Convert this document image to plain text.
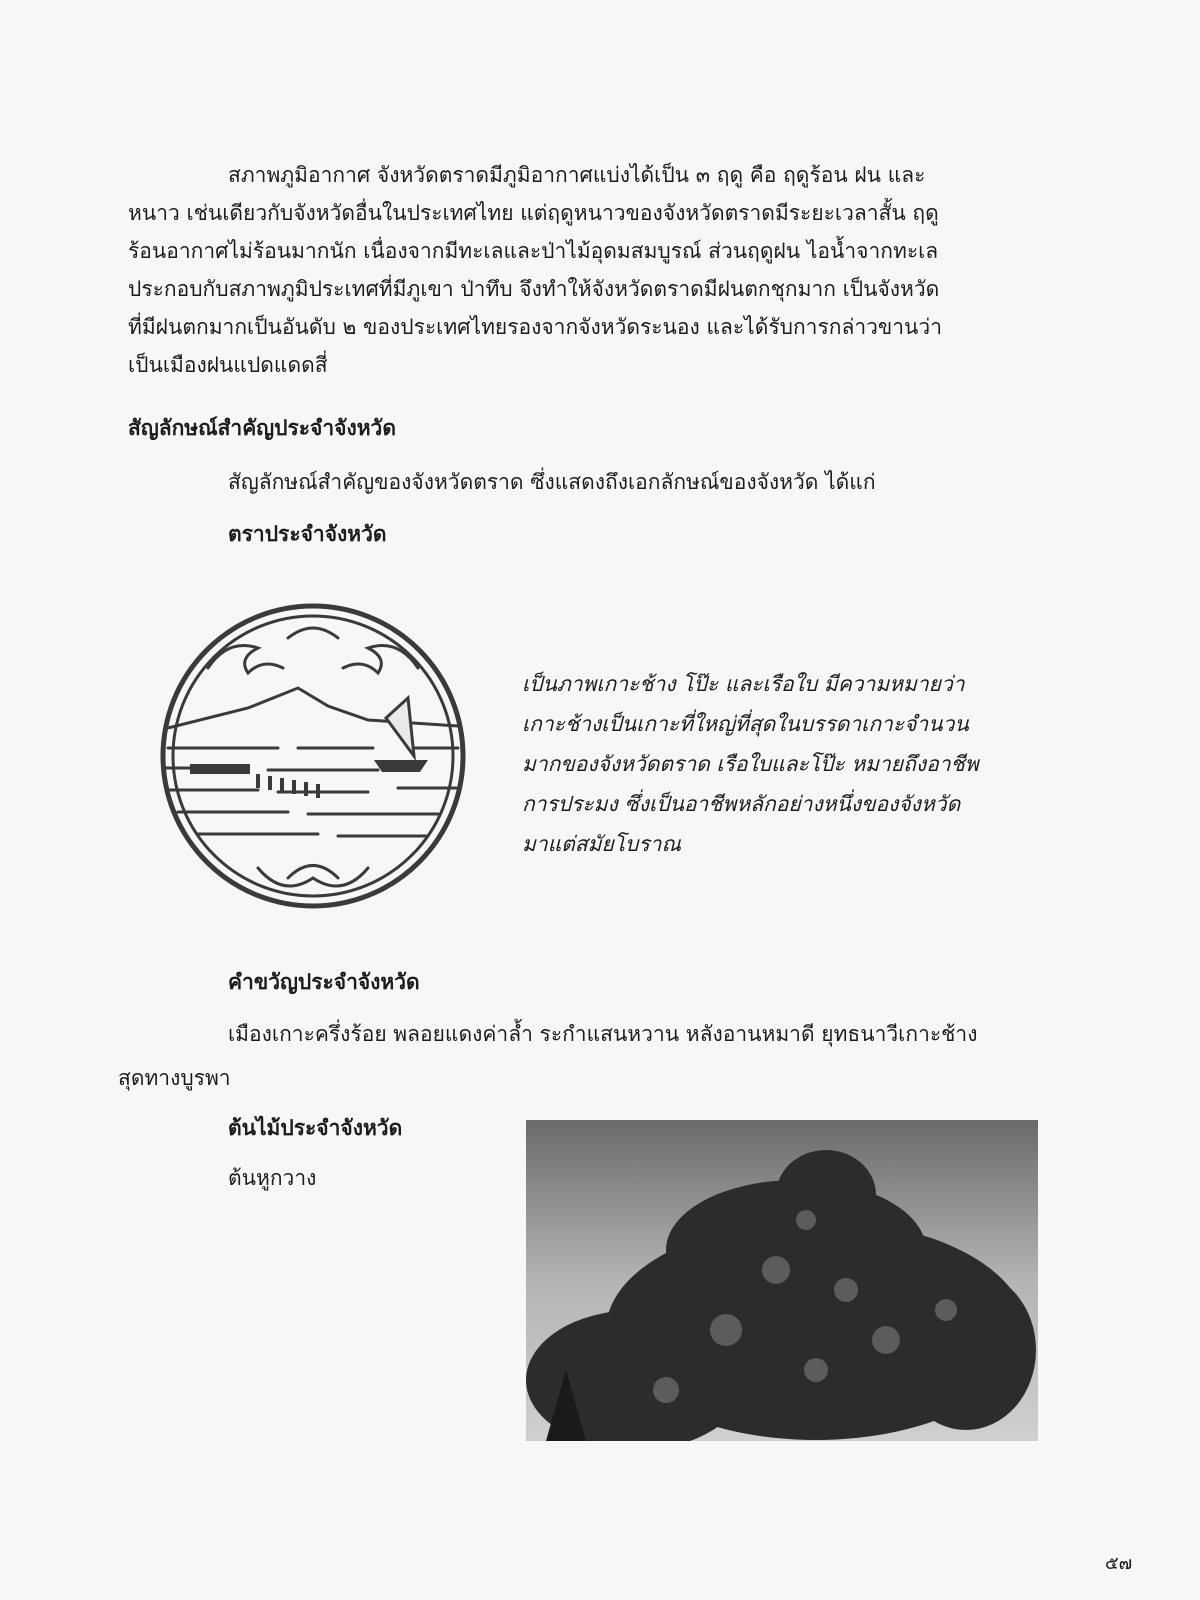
สภาพภูมิอากาศ จังหวัดตราดมีภูมิอากาศแบ่งได้เป็น ๓ ฤดู คือ ฤดูร้อน ฝน และ
หนาว เช่นเดียวกับจังหวัดอื่นในประเทศไทย แต่ฤดูหนาวของจังหวัดตราดมีระยะเวลาสั้น ฤดู
ร้อนอากาศไม่ร้อนมากนัก เนื่องจากมีทะเลและป่าไม้อุดมสมบูรณ์ ส่วนฤดูฝน ไอน้ำจากทะเล
ประกอบกับสภาพภูมิประเทศที่มีภูเขา ป่าทึบ จึงทำให้จังหวัดตราดมีฝนตกชุกมาก เป็นจังหวัด
ที่มีฝนตกมากเป็นอันดับ ๒ ของประเทศไทยรองจากจังหวัดระนอง และได้รับการกล่าวขานว่า
เป็นเมืองฝนแปดแดดสี่

สัญลักษณ์สำคัญประจำจังหวัด

สัญลักษณ์สำคัญของจังหวัดตราด ซึ่งแสดงถึงเอกลักษณ์ของจังหวัด ได้แก่

ตราประจำจังหวัด

เป็นภาพเกาะช้าง โป๊ะ และเรือใบ มีความหมายว่า
เกาะช้างเป็นเกาะที่ใหญ่ที่สุดในบรรดาเกาะจำนวน
มากของจังหวัดตราด เรือใบและโป๊ะ หมายถึงอาชีพ
การประมง ซึ่งเป็นอาชีพหลักอย่างหนึ่งของจังหวัด
มาแต่สมัยโบราณ

คำขวัญประจำจังหวัด

เมืองเกาะครึ่งร้อย พลอยแดงค่าล้ำ ระกำแสนหวาน หลังอานหมาดี ยุทธนาวีเกาะช้าง

สุดทางบูรพา

ต้นไม้ประจำจังหวัด

ต้นหูกวาง

๕๗
